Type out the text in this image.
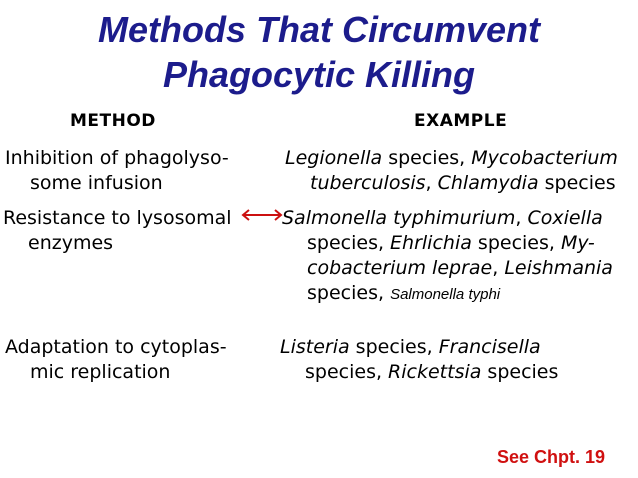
Methods That Circumvent
Phagocytic Killing
METHOD	EXAMPLE
Inhibition of phagolyso-
some infusion
Legionella species, Mycobacterium
tuberculosis, Chlamydia species
Resistance to lysosomal
enzymes
Salmonella typhimurium, Coxiella
species, Ehrlichia species, My-
cobacterium leprae, Leishmania
species, Salmonella typhi
Adaptation to cytoplas-
mic replication
Listeria species, Francisella
species, Rickettsia species
See Chpt. 19
